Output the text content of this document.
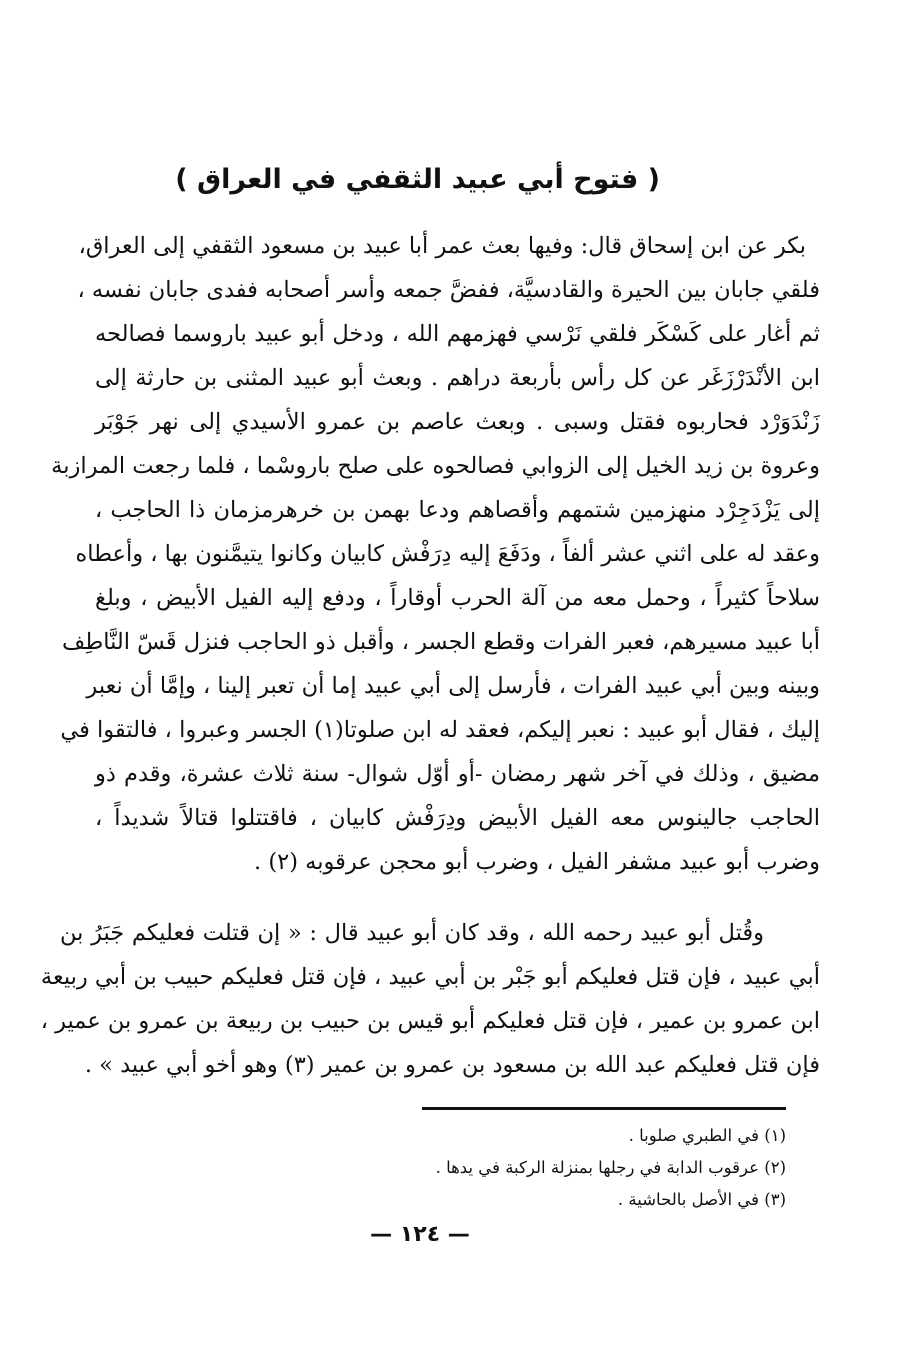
( فتوح أبي عبيد الثقفي في العراق )
بكر عن ابن إسحاق قال: وفيها بعث عمر أبا عبيد بن مسعود الثقفي إلى العراق،
فلقي جابان بين الحيرة والقادسيَّة، ففضَّ جمعه وأسر أصحابه ففدى جابان نفسه ،
ثم أغار على كَسْكَر فلقي نَرْسي فهزمهم الله ، ودخل أبو عبيد باروسما فصالحه
ابن الأنْدَرْزَغَر عن كل رأس بأربعة دراهم . وبعث أبو عبيد المثنى بن حارثة إلى
زَنْدَوَرْد فحاربوه فقتل وسبى . وبعث عاصم بن عمرو الأسيدي إلى نهر جَوْبَر
وعروة بن زيد الخيل إلى الزوابي فصالحوه على صلح باروسْما ، فلما رجعت المرازبة
إلى يَزْدَجِرْد منهزمين شتمهم وأقصاهم ودعا بهمن بن خرهرمزمان ذا الحاجب ،
وعقد له على اثني عشر ألفاً ، ودَفَعَ إليه دِرَفْش كابيان وكانوا يتيمَّنون بها ، وأعطاه
سلاحاً كثيراً ، وحمل معه من آلة الحرب أوقاراً ، ودفع إليه الفيل الأبيض ، وبلغ
أبا عبيد مسيرهم، فعبر الفرات وقطع الجسر ، وأقبل ذو الحاجب فنزل قَسّ النَّاطِف
وبينه وبين أبي عبيد الفرات ، فأرسل إلى أبي عبيد إما أن تعبر إلينا ، وإمَّا أن نعبر
إليك ، فقال أبو عبيد : نعبر إليكم، فعقد له ابن صلوتا(١) الجسر وعبروا ، فالتقوا في
مضيق ، وذلك في آخر شهر رمضان -أو أوّل شوال- سنة ثلاث عشرة، وقدم ذو
الحاجب جالينوس معه الفيل الأبيض ودِرَفْش كابيان ، فاقتتلوا قتالاً شديداً ،
وضرب أبو عبيد مشفر الفيل ، وضرب أبو محجن عرقوبه (٢) .
وقُتل أبو عبيد رحمه الله ، وقد كان أبو عبيد قال : « إن قتلت فعليكم جَبَرُ بن
أبي عبيد ، فإن قتل فعليكم أبو جَبْر بن أبي عبيد ، فإن قتل فعليكم حبيب بن أبي ربيعة
ابن عمرو بن عمير ، فإن قتل فعليكم أبو قيس بن حبيب بن ربيعة بن عمرو بن عمير ،
فإن قتل فعليكم عبد الله بن مسعود بن عمرو بن عمير (٣) وهو أخو أبي عبيد » .
(١) في الطبري صلوبا .
(٢) عرقوب الدابة في رجلها بمنزلة الركبة في يدها .
(٣) في الأصل بالحاشية .
— ١٢٤ —
